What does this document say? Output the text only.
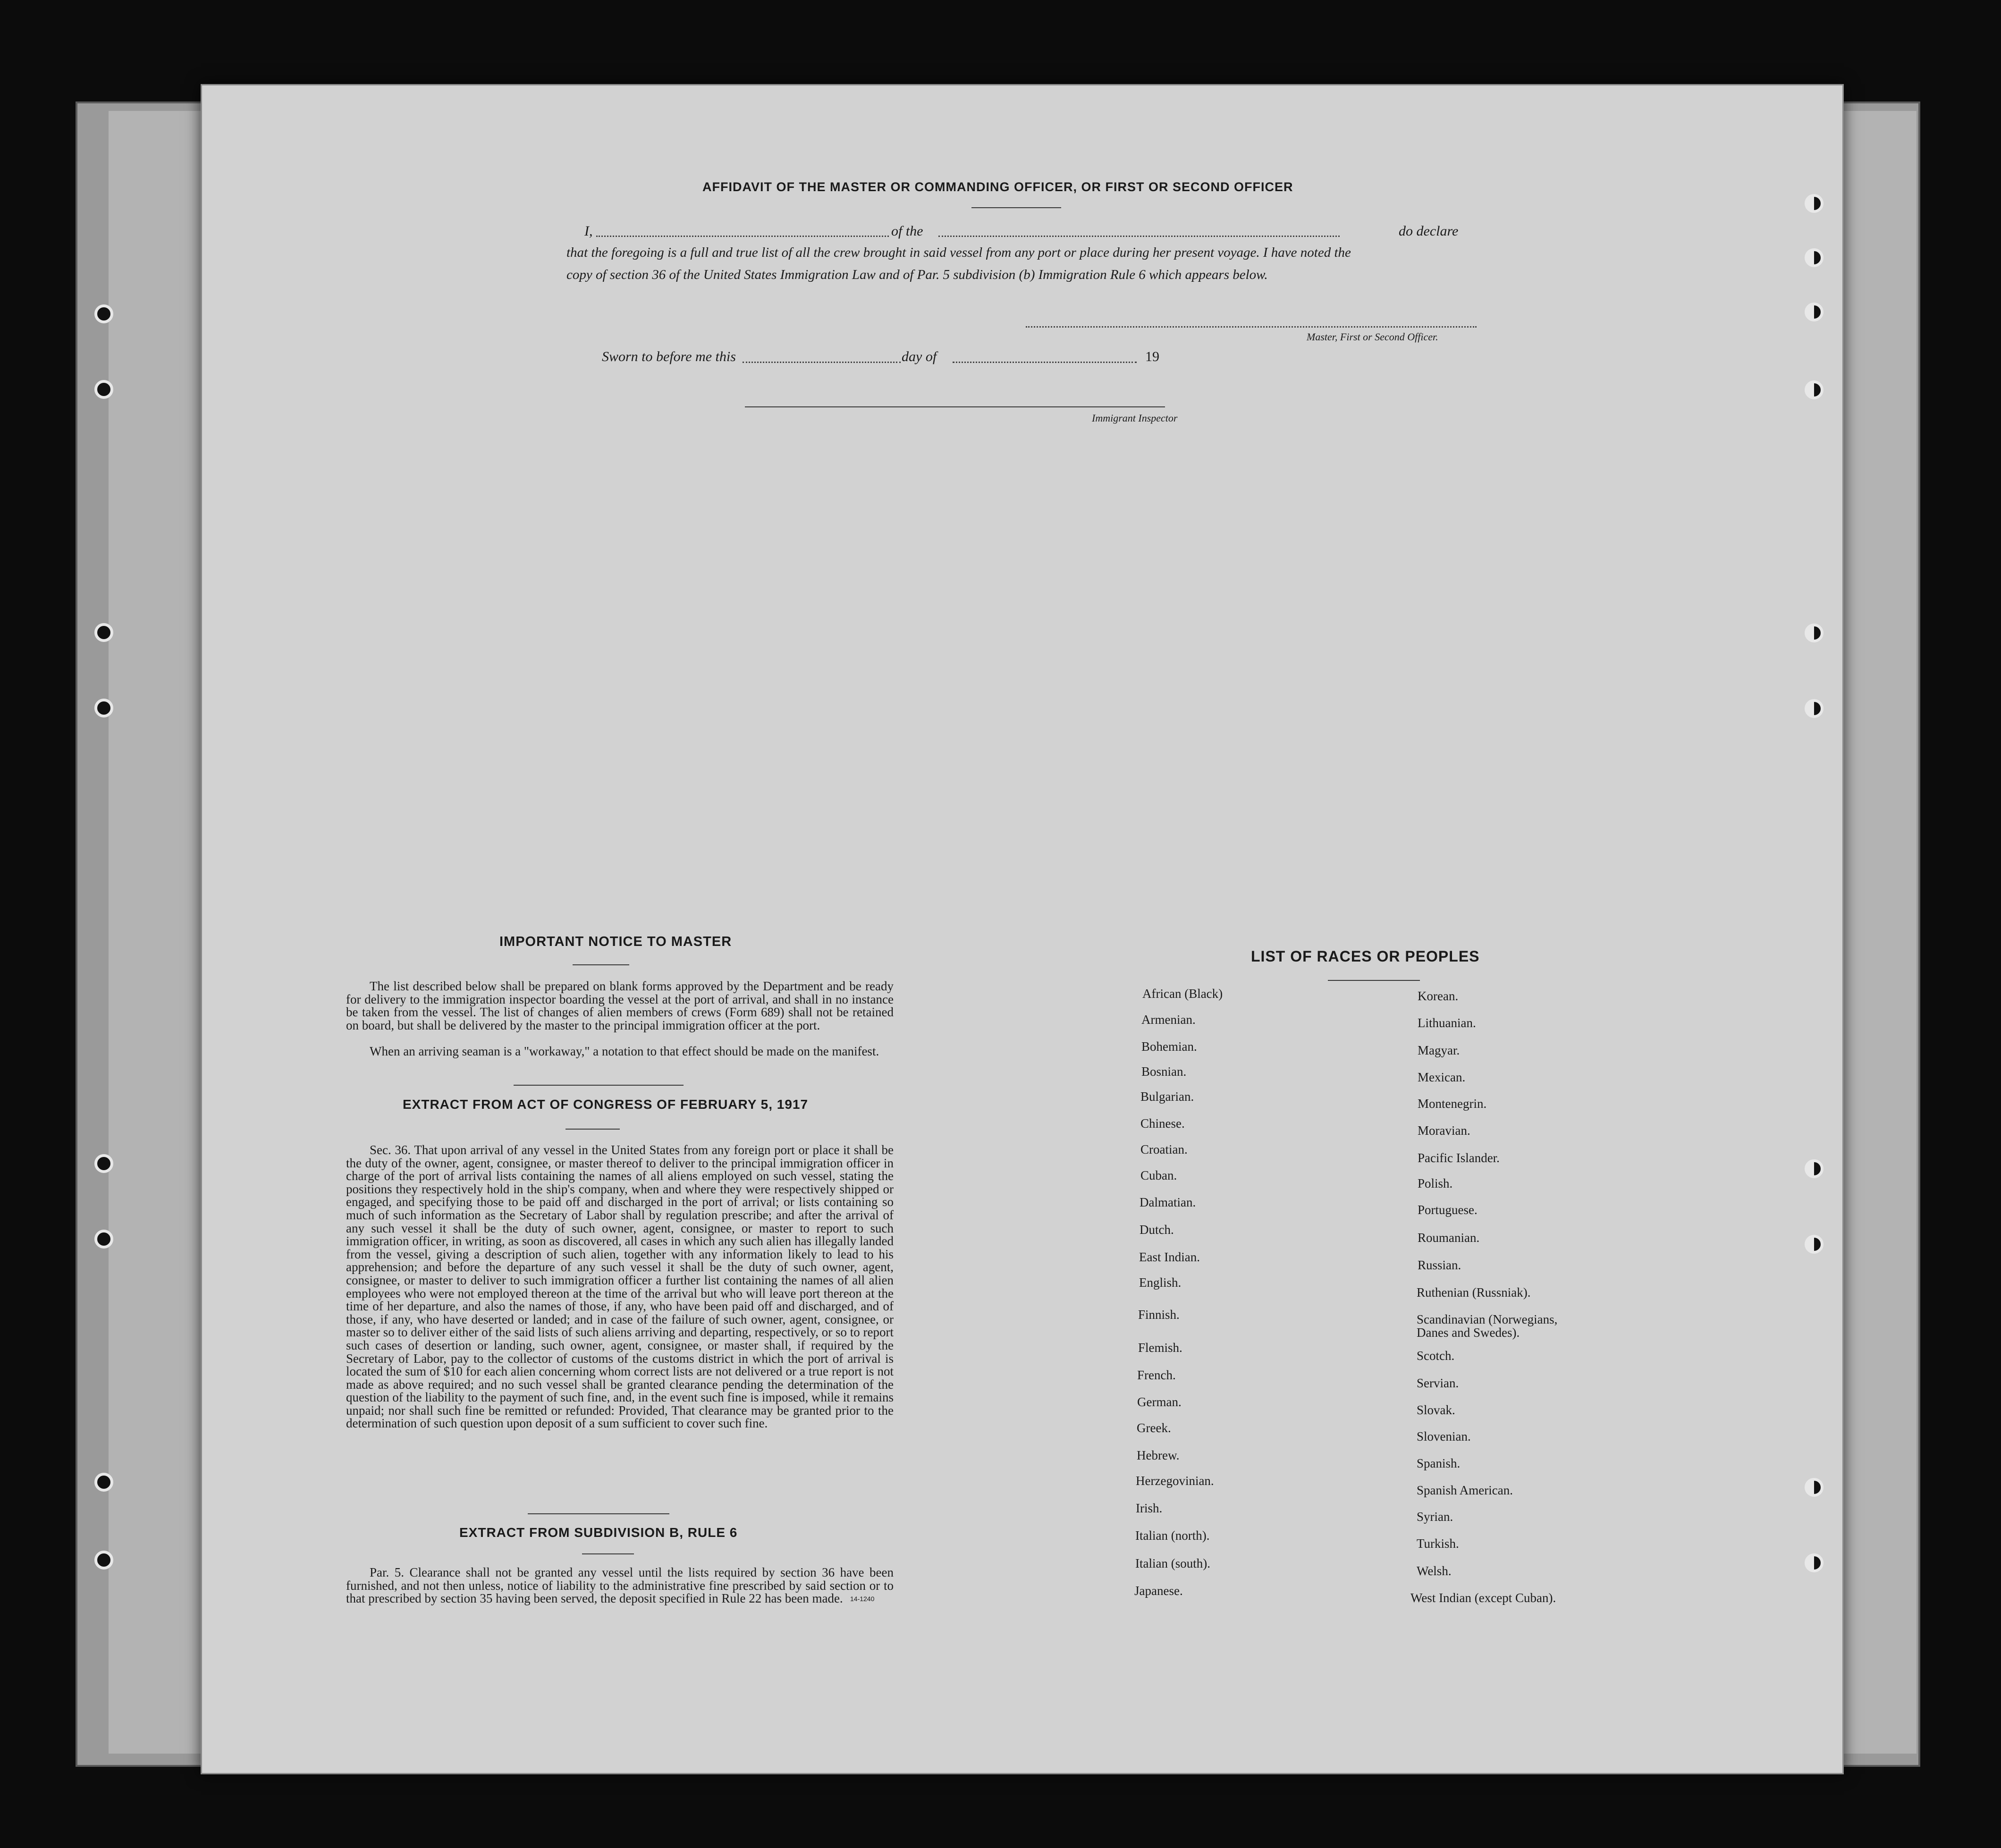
AFFIDAVIT OF THE MASTER OR COMMANDING OFFICER, OR FIRST OR SECOND OFFICER
I,	of the	do declare
that the foregoing is a full and true list of all the crew brought in said vessel from any port or place during her present voyage. I have noted the
copy of section 36 of the United States Immigration Law and of Par. 5 subdivision (b) Immigration Rule 6 which appears below.
Master, First or Second Officer.
Sworn to before me this	day of	19
Immigrant Inspector
IMPORTANT NOTICE TO MASTER
The list described below shall be prepared on blank forms approved by the Department and be ready for delivery to the immigration inspector boarding the vessel at the port of arrival, and shall in no instance be taken from the vessel. The list of changes of alien members of crews (Form 689) shall not be retained on board, but shall be delivered by the master to the principal immigration officer at the port.
When an arriving seaman is a "workaway," a notation to that effect should be made on the manifest.
EXTRACT FROM ACT OF CONGRESS OF FEBRUARY 5, 1917
Sec. 36. That upon arrival of any vessel in the United States from any foreign port or place it shall be the duty of the owner, agent, consignee, or master thereof to deliver to the principal immigration officer in charge of the port of arrival lists containing the names of all aliens employed on such vessel, stating the positions they respectively hold in the ship's company, when and where they were respectively shipped or engaged, and specifying those to be paid off and discharged in the port of arrival; or lists containing so much of such information as the Secretary of Labor shall by regulation prescribe; and after the arrival of any such vessel it shall be the duty of such owner, agent, consignee, or master to report to such immigration officer, in writing, as soon as discovered, all cases in which any such alien has illegally landed from the vessel, giving a description of such alien, together with any information likely to lead to his apprehension; and before the departure of any such vessel it shall be the duty of such owner, agent, consignee, or master to deliver to such immigration officer a further list containing the names of all alien employees who were not employed thereon at the time of the arrival but who will leave port thereon at the time of her departure, and also the names of those, if any, who have been paid off and discharged, and of those, if any, who have deserted or landed; and in case of the failure of such owner, agent, consignee, or master so to deliver either of the said lists of such aliens arriving and departing, respectively, or so to report such cases of desertion or landing, such owner, agent, consignee, or master shall, if required by the Secretary of Labor, pay to the collector of customs of the customs district in which the port of arrival is located the sum of $10 for each alien concerning whom correct lists are not delivered or a true report is not made as above required; and no such vessel shall be granted clearance pending the determination of the question of the liability to the payment of such fine, and, in the event such fine is imposed, while it remains unpaid; nor shall such fine be remitted or refunded: Provided, That clearance may be granted prior to the determination of such question upon deposit of a sum sufficient to cover such fine.
EXTRACT FROM SUBDIVISION B, RULE 6
Par. 5. Clearance shall not be granted any vessel until the lists required by section 36 have been furnished, and not then unless, notice of liability to the administrative fine prescribed by said section or to that prescribed by section 35 having been served, the deposit specified in Rule 22 has been made.	14-1240
LIST OF RACES OR PEOPLES
African (Black)
Armenian.
Bohemian.
Bosnian.
Bulgarian.
Chinese.
Croatian.
Cuban.
Dalmatian.
Dutch.
East Indian.
English.
Finnish.
Flemish.
French.
German.
Greek.
Hebrew.
Herzegovinian.
Irish.
Italian (north).
Italian (south).
Japanese.
Korean.
Lithuanian.
Magyar.
Mexican.
Montenegrin.
Moravian.
Pacific Islander.
Polish.
Portuguese.
Roumanian.
Russian.
Ruthenian (Russniak).
Scandinavian (Norwegians,
Danes and Swedes).
Scotch.
Servian.
Slovak.
Slovenian.
Spanish.
Spanish American.
Syrian.
Turkish.
Welsh.
West Indian (except Cuban).
